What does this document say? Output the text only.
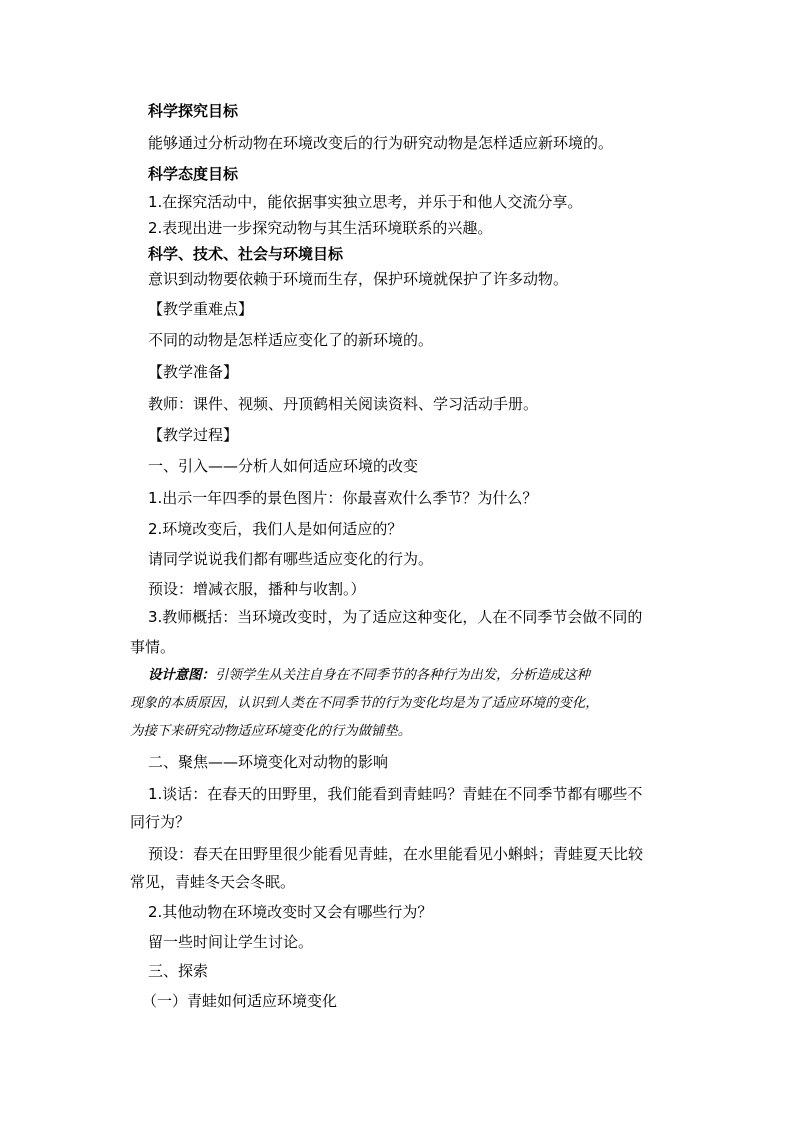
科学探究目标
能够通过分析动物在环境改变后的行为研究动物是怎样适应新环境的。
科学态度目标
1.在探究活动中，能依据事实独立思考，并乐于和他人交流分享。
2.表现出进一步探究动物与其生活环境联系的兴趣。
科学、技术、社会与环境目标
意识到动物要依赖于环境而生存，保护环境就保护了许多动物。
【教学重难点】
不同的动物是怎样适应变化了的新环境的。
【教学准备】
教师：课件、视频、丹顶鹤相关阅读资料、学习活动手册。
【教学过程】
一、引入——分析人如何适应环境的改变
1.出示一年四季的景色图片：你最喜欢什么季节？为什么？
2.环境改变后，我们人是如何适应的？
请同学说说我们都有哪些适应变化的行为。
预设：增减衣服，播种与收割。）
3.教师概括：当环境改变时，为了适应这种变化，人在不同季节会做不同的
事情。
设计意图：引领学生从关注自身在不同季节的各种行为出发，分析造成这种
现象的本质原因，认识到人类在不同季节的行为变化均是为了适应环境的变化，
为接下来研究动物适应环境变化的行为做铺垫。
二、聚焦——环境变化对动物的影响
1.谈话：在春天的田野里，我们能看到青蛙吗？青蛙在不同季节都有哪些不
同行为？
预设：春天在田野里很少能看见青蛙，在水里能看见小蝌蚪；青蛙夏天比较
常见，青蛙冬天会冬眠。
2.其他动物在环境改变时又会有哪些行为？
留一些时间让学生讨论。
三、探索
（一）青蛙如何适应环境变化
